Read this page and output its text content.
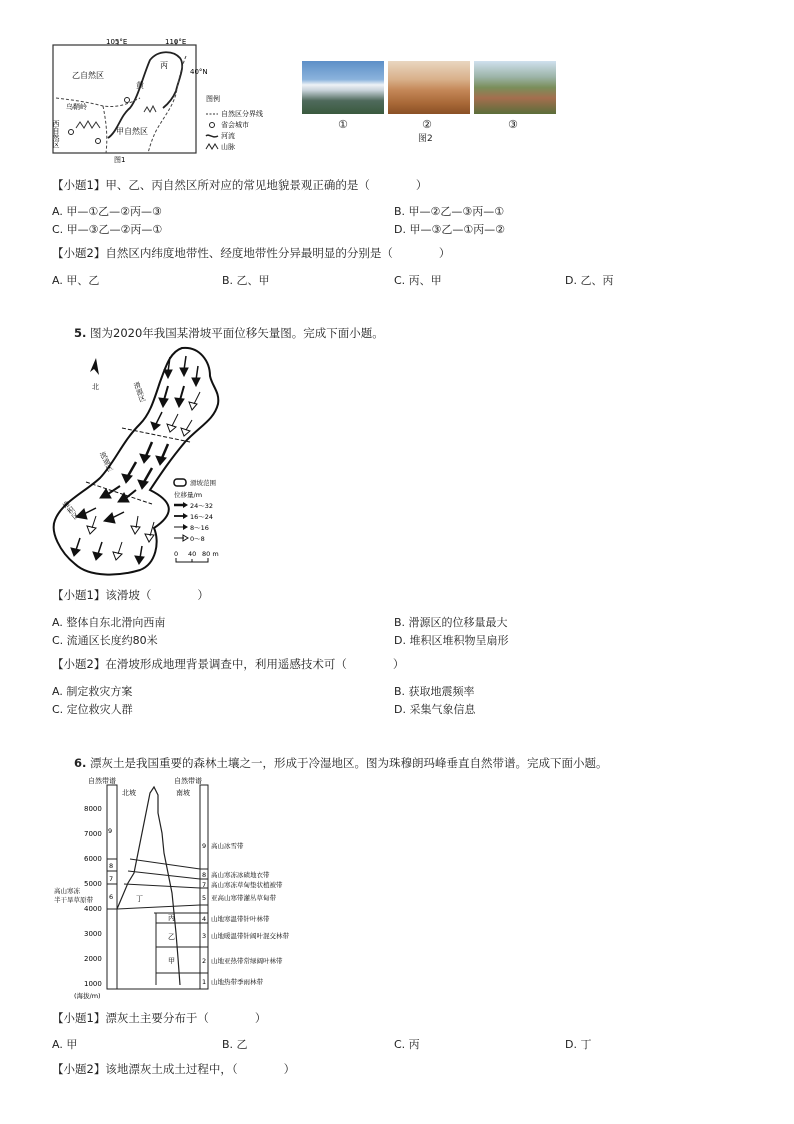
105°E	110°E
40°N
丙
黄
乙自然区
乌鞘岭
西自然区	甲自然区
图1
图例
自然区分界线
省会城市
河流
山脉
①	②	③
图2
【小题1】甲、乙、丙自然区所对应的常见地貌景观正确的是（　　　　）
A. 甲—①乙—②丙—③	B. 甲—②乙—③丙—①
C. 甲—③乙—②丙—①	D. 甲—③乙—①丙—②
【小题2】自然区内纬度地带性、经度地带性分异最明显的分别是（　　　　）
A. 甲、乙	B. 乙、甲	C. 丙、甲	D. 乙、丙
5. 图为2020年我国某滑坡平面位移矢量图。完成下面小题。
北	滑源区
流通区
堆积区
滑坡范围
位移量/m
24～32
16～24
8～16
0～8
0 40 80 m
【小题1】该滑坡（　　　　）
A. 整体自东北滑向西南	B. 滑源区的位移量最大
C. 流通区长度约80米	D. 堆积区堆积物呈扇形
【小题2】在滑坡形成地理背景调查中，利用遥感技术可（　　　　）
A. 制定救灾方案	B. 获取地震频率
C. 定位救灾人群	D. 采集气象信息
6. 漂灰土是我国重要的森林土壤之一，形成于冷湿地区。图为珠穆朗玛峰垂直自然带谱。完成下面小题。
自然带谱	自然带谱
北坡	南坡
8000
7000
6000
5000
4000
3000
2000
1000
(海拔/m)
9
8
7
6
高山寒冻
半干旱草原带	丁
丙
乙
甲
9 高山冰雪带
8 高山寒冻冰碛地衣带
7 高山寒冻草甸垫状植被带
5 亚高山寒带灌丛草甸带
4 山地寒温带针叶林带
3 山地暖温带针阔叶混交林带
2 山地亚热带常绿阔叶林带
1 山地热带季雨林带
【小题1】漂灰土主要分布于（　　　　）
A. 甲	B. 乙	C. 丙	D. 丁
【小题2】该地漂灰土成土过程中，（　　　　）
